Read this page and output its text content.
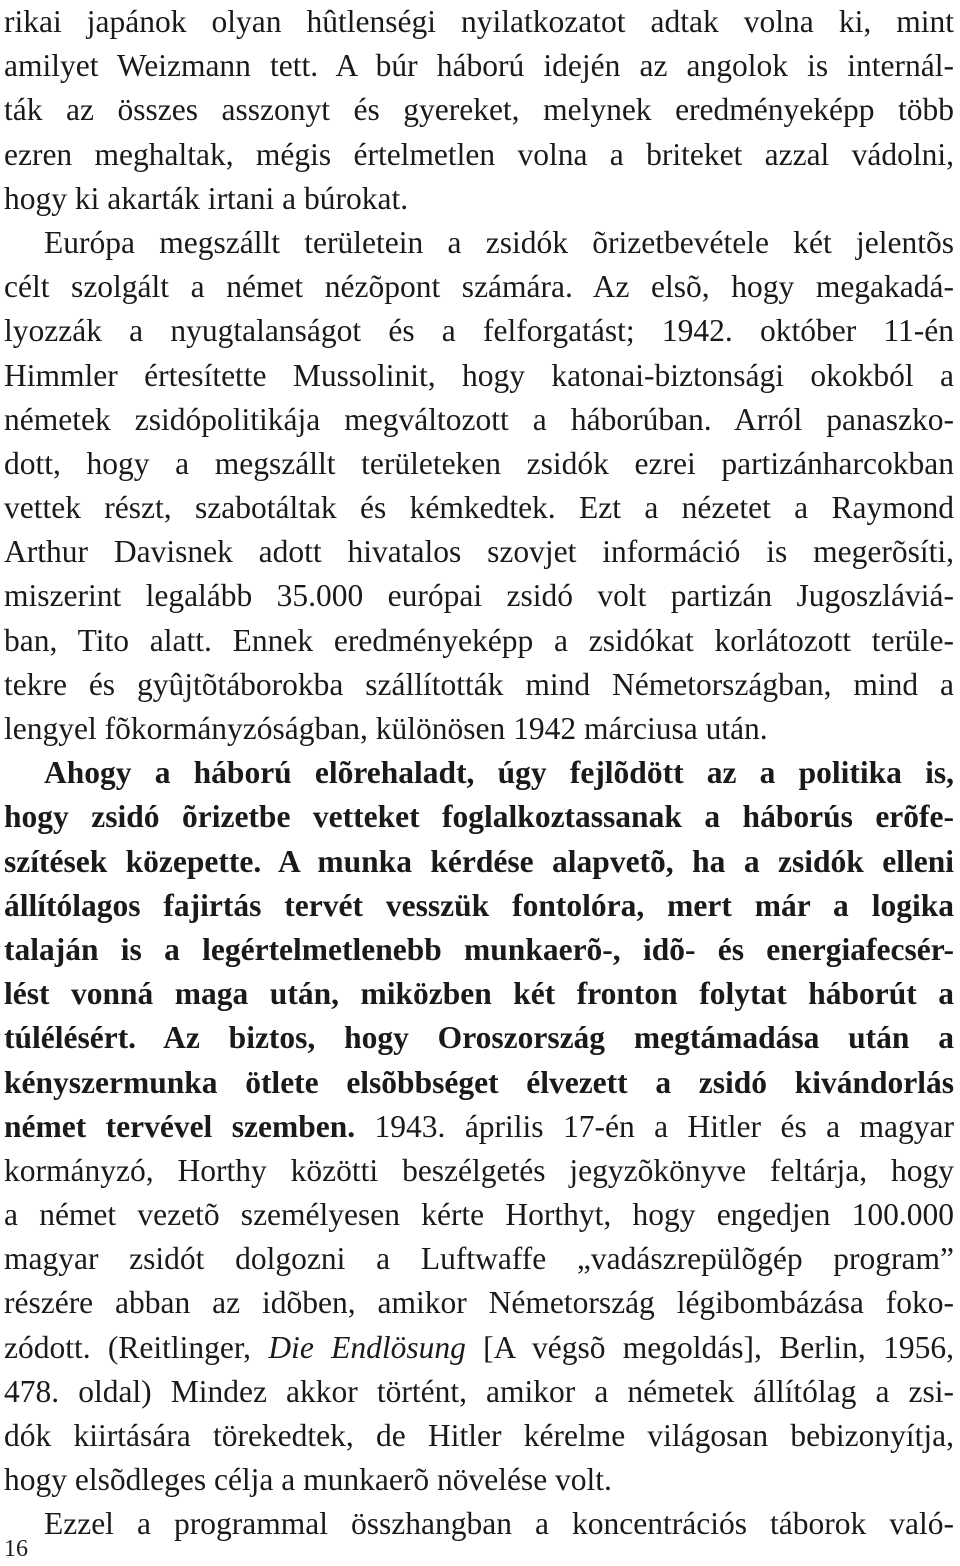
rikai japánok olyan hûtlenségi nyilatkozatot adtak volna ki, mint
amilyet Weizmann tett. A búr háború idején az angolok is internál-
ták az összes asszonyt és gyereket, melynek eredményeképp több
ezren meghaltak, mégis értelmetlen volna a briteket azzal vádolni,
hogy ki akarták irtani a búrokat.
Európa megszállt területein a zsidók õrizetbevétele két jelentõs
célt szolgált a német nézõpont számára. Az elsõ, hogy megakadá-
lyozzák a nyugtalanságot és a felforgatást; 1942. október 11-én
Himmler értesítette Mussolinit, hogy katonai-biztonsági okokból a
németek zsidópolitikája megváltozott a háborúban. Arról panaszko-
dott, hogy a megszállt területeken zsidók ezrei partizánharcokban
vettek részt, szabotáltak és kémkedtek. Ezt a nézetet a Raymond
Arthur Davisnek adott hivatalos szovjet információ is megerõsíti,
miszerint legalább 35.000 európai zsidó volt partizán Jugoszláviá-
ban, Tito alatt. Ennek eredményeképp a zsidókat korlátozott terüle-
tekre és gyûjtõtáborokba szállították mind Németországban, mind a
lengyel fõkormányzóságban, különösen 1942 márciusa után.
Ahogy a háború elõrehaladt, úgy fejlõdött az a politika is,
hogy zsidó õrizetbe vetteket foglalkoztassanak a háborús erõfe-
szítések közepette. A munka kérdése alapvetõ, ha a zsidók elleni
állítólagos fajirtás tervét vesszük fontolóra, mert már a logika
talaján is a legértelmetlenebb munkaerõ-, idõ- és energiafecsér-
lést vonná maga után, miközben két fronton folytat háborút a
túlélésért. Az biztos, hogy Oroszország megtámadása után a
kényszermunka ötlete elsõbbséget élvezett a zsidó kivándorlás
német tervével szemben. 1943. április 17-én a Hitler és a magyar
kormányzó, Horthy közötti beszélgetés jegyzõkönyve feltárja, hogy
a német vezetõ személyesen kérte Horthyt, hogy engedjen 100.000
magyar zsidót dolgozni a Luftwaffe „vadászrepülõgép program”
részére abban az idõben, amikor Németország légibombázása foko-
zódott. (Reitlinger, Die Endlösung [A végsõ megoldás], Berlin, 1956,
478. oldal) Mindez akkor történt, amikor a németek állítólag a zsi-
dók kiirtására törekedtek, de Hitler kérelme világosan bebizonyítja,
hogy elsõdleges célja a munkaerõ növelése volt.
Ezzel a programmal összhangban a koncentrációs táborok való-
16
